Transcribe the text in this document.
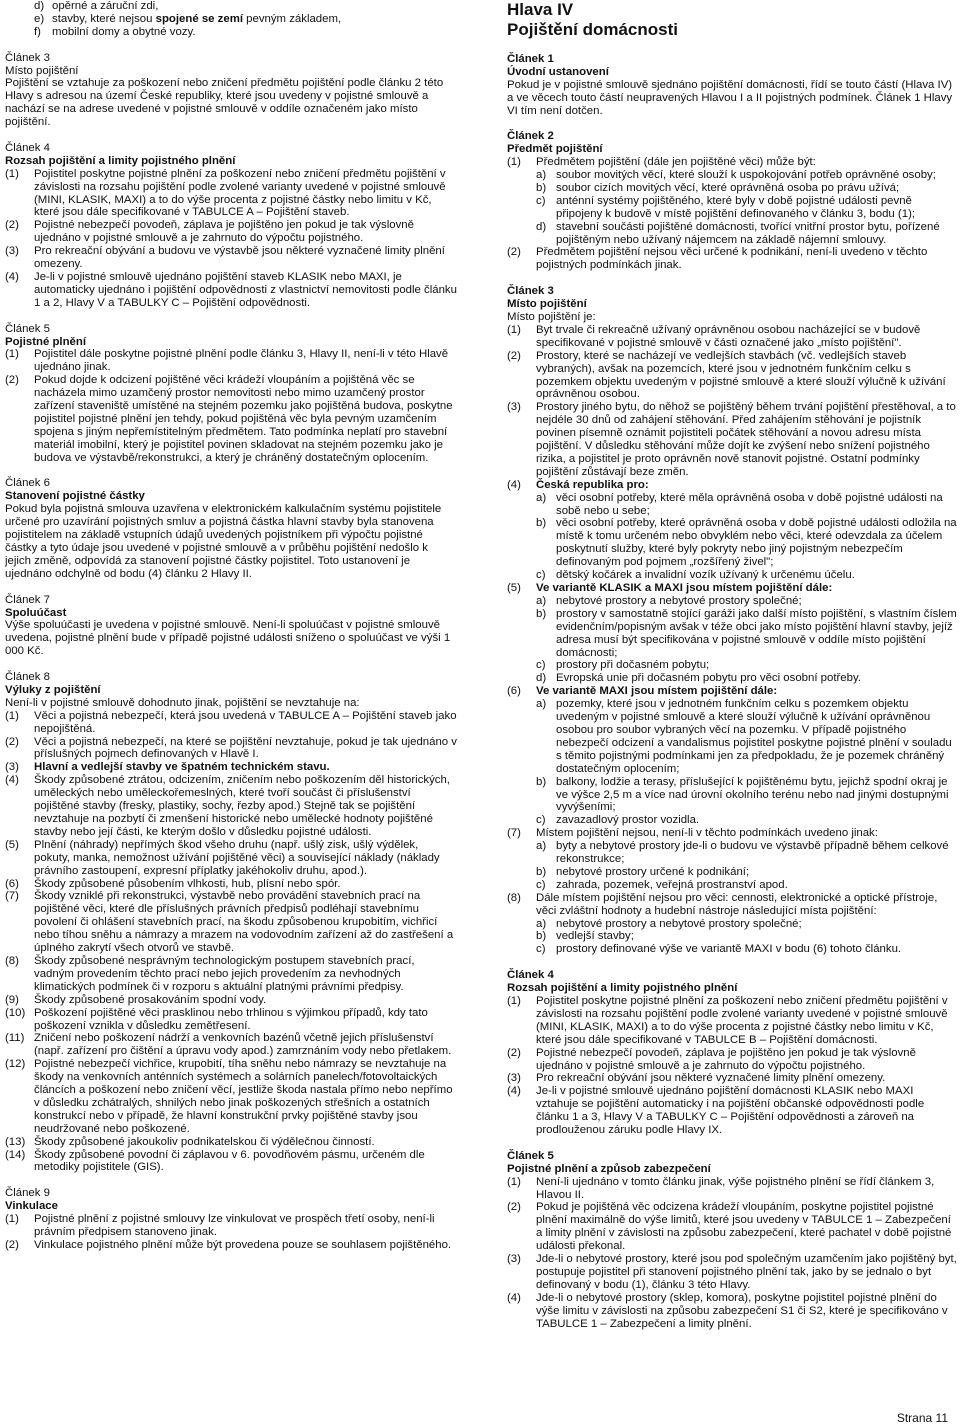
d) opěrné a záruční zdi,
e) stavby, které nejsou spojené se zemí pevným základem,
f) mobilní domy a obytné vozy.
Článek 3
Místo pojištění
Pojištění se vztahuje za poškození nebo zničení předmětu pojištění podle článku 2 této Hlavy s adresou na území České republiky, které jsou uvedeny v pojistné smlouvě a nachází se na adrese uvedené v pojistné smlouvě v oddíle označeném jako místo pojištění.
Článek 4
Rozsah pojištění a limity pojistného plnění
(1) Pojistitel poskytne pojistné plnění za poškození nebo zničení předmětu pojištění v závislosti na rozsahu pojištění podle zvolené varianty uvedené v pojistné smlouvě (MINI, KLASIK, MAXI) a to do výše procenta z pojistné částky nebo limitu v Kč, které jsou dále specifikované v TABULCE A – Pojištění staveb.
(2) Pojistné nebezpečí povodeň, záplava je pojištěno jen pokud je tak výslovně ujednáno v pojistné smlouvě a je zahrnuto do výpočtu pojistného.
(3) Pro rekreační obývání a budovu ve výstavbě jsou některé vyznačené limity plnění omezeny.
(4) Je-li v pojistné smlouvě ujednáno pojištění staveb KLASIK nebo MAXI, je automaticky ujednáno i pojištění odpovědnosti z vlastnictví nemovitosti podle článku 1 a 2, Hlavy V a TABULKY C – Pojištění odpovědnosti.
Článek 5
Pojistné plnění
(1) Pojistitel dále poskytne pojistné plnění podle článku 3, Hlavy II, není-li v této Hlavě ujednáno jinak.
(2) Pokud dojde k odcizení pojištěné věci krádeží vloupáním a pojištěná věc se nacházela mimo uzamčený prostor nemovitosti nebo mimo uzamčený prostor zařízení staveniště umístěné na stejném pozemku jako pojištěná budova, poskytne pojistitel pojistné plnění jen tehdy, pokud pojištěná věc byla pevným uzamčením spojena s jiným nepřemístitelným předmětem. Tato podmínka neplatí pro stavební materiál imobilní, který je pojistitel povinen skladovat na stejném pozemku jako je budova ve výstavbě/rekonstrukci, a který je chráněný dostatečným oplocením.
Článek 6
Stanovení pojistné částky
Pokud byla pojistná smlouva uzavřena v elektronickém kalkulačním systému pojistitele určené pro uzavírání pojistných smluv a pojistná částka hlavní stavby byla stanovena pojistitelem na základě vstupních údajů uvedených pojistníkem při výpočtu pojistné částky a tyto údaje jsou uvedené v pojistné smlouvě a v průběhu pojištění nedošlo k jejich změně, odpovídá za stanovení pojistné částky pojistitel. Toto ustanovení je ujednáno odchylně od bodu (4) článku 2 Hlavy II.
Článek 7
Spoluúčast
Výše spoluúčasti je uvedena v pojistné smlouvě. Není-li spoluúčast v pojistné smlouvě uvedena, pojistné plnění bude v případě pojistné události sníženo o spoluúčast ve výši 1 000 Kč.
Článek 8
Výluky z pojištění
Není-li v pojistné smlouvě dohodnuto jinak, pojištění se nevztahuje na:
(1) Věci a pojistná nebezpečí, která jsou uvedená v TABULCE A – Pojištění staveb jako nepojištěná.
(2) Věci a pojistná nebezpečí, na které se pojištění nevztahuje, pokud je tak ujednáno v příslušných pojmech definovaných v Hlavě I.
(3) Hlavní a vedlejší stavby ve špatném technickém stavu.
(4) Škody způsobené ztrátou, odcizením, zničením nebo poškozením děl historických, uměleckých nebo uměleckořemeslných, které tvoří součást či příslušenství pojištěné stavby (fresky, plastiky, sochy, řezby apod.) Stejně tak se pojištění nevztahuje na pozbytí či zmenšení historické nebo umělecké hodnoty pojištěné stavby nebo její části, ke kterým došlo v důsledku pojistné události.
(5) Plnění (náhrady) nepřímých škod všeho druhu (např. ušlý zisk, ušlý výdělek, pokuty, manka, nemožnost užívání pojištěné věci) a související náklady (náklady právního zastoupení, expresní příplatky jakéhokoliv druhu, apod.).
(6) Škody způsobené působením vlhkosti, hub, plísní nebo spór.
(7) Škody vzniklé při rekonstrukci, výstavbě nebo provádění stavebních prací na pojištěné věci, které dle příslušných právních předpisů podléhají stavebnímu povolení či ohlášení stavebních prací, na škodu způsobenou krupobitím, vichřicí nebo tíhou sněhu a námrazy a mrazem na vodovodním zařízení až do zastřešení a úplného zakrytí všech otvorů ve stavbě.
(8) Škody způsobené nesprávným technologickým postupem stavebních prací, vadným provedením těchto prací nebo jejich provedením za nevhodných klimatických podmínek či v rozporu s aktuální platnými právními předpisy.
(9) Škody způsobené prosakováním spodní vody.
(10) Poškození pojištěné věci prasklinou nebo trhlinou s výjimkou případů, kdy tato poškození vznikla v důsledku zemětřesení.
(11) Zničení nebo poškození nádrží a venkovních bazénů včetně jejich příslušenství (např. zařízení pro čištění a úpravu vody apod.) zamrznáním vody nebo přetlakem.
(12) Pojistné nebezpečí vichřice, krupobití, tíha sněhu nebo námrazy se nevztahuje na škody na venkovních anténních systémech a solárních panelech/fotovoltaických článcích a poškození nebo zničení věcí, jestliže škoda nastala přímo nebo nepřímo v důsledku zchátralých, shnilých nebo jinak poškozených střešních a ostatních konstrukcí nebo v případě, že hlavní konstrukční prvky pojištěné stavby jsou neudržované nebo poškozené.
(13) Škody způsobené jakoukoliv podnikatelskou či výdělečnou činností.
(14) Škody způsobené povodní či záplavou v 6. povodňovém pásmu, určeném dle metodiky pojistitele (GIS).
Článek 9
Vinkulace
(1) Pojistné plnění z pojistné smlouvy lze vinkulovat ve prospěch třetí osoby, není-li právním předpisem stanoveno jinak.
(2) Vinkulace pojistného plnění může být provedena pouze se souhlasem pojištěného.
Hlava IV
Pojištění domácnosti
Článek 1
Úvodní ustanovení
Pokud je v pojistné smlouvě sjednáno pojištění domácnosti, řídí se touto částí (Hlava IV) a ve věcech touto částí neupravených Hlavou I a II pojistných podmínek. Článek 1 Hlavy VI tím není dotčen.
Článek 2
Předmět pojištění
(1) Předmětem pojištění (dále jen pojištěné věci) může být:
a) soubor movitých věcí, které slouží k uspokojování potřeb oprávněné osoby;
b) soubor cizích movitých věcí, které oprávněná osoba po právu užívá;
c) anténní systémy pojištěného, které byly v době pojistné události pevně připojeny k budově v místě pojištění definovaného v článku 3, bodu (1);
d) stavební součásti pojištěné domácnosti, tvořící vnitřní prostor bytu, pořízené pojištěným nebo užívaný nájemcem na základě nájemní smlouvy.
(2) Předmětem pojištění nejsou věci určené k podnikání, není-li uvedeno v těchto pojistných podmínkách jinak.
Článek 3
Místo pojištění
Místo pojištění je:
(1) Byt trvale či rekreačně užívaný oprávněnou osobou nacházející se v budově specifikované v pojistné smlouvě v části označené jako „místo pojištění".
(2) Prostory, které se nacházejí ve vedlejších stavbách (vč. vedlejších staveb vybraných), avšak na pozemcích, které jsou v jednotném funkčním celku s pozemkem objektu uvedeným v pojistné smlouvě a které slouží výlučně k užívání oprávněnou osobou.
(3) Prostory jiného bytu, do něhož se pojištěný během trvání pojištění přestěhoval, a to nejdéle 30 dnů od zahájení stěhování. Před zahájením stěhování je pojistník povinen písemně oznámit pojistiteli počátek stěhování a novou adresu místa pojištění. V důsledku stěhování může dojít ke zvýšení nebo snížení pojistného rizika, a pojistitel je proto oprávněn nově stanovit pojistné. Ostatní podmínky pojištění zůstávají beze změn.
(4) Česká republika pro:
a) věci osobní potřeby, které měla oprávněná osoba v době pojistné události na sobě nebo u sebe;
b) věci osobní potřeby, které oprávněná osoba v době pojistné události odložila na místě k tomu určeném nebo obvyklém nebo věci, které odevzdala za účelem poskytnutí služby, které byly pokryty nebo jiný pojistným nebezpečím definovaným pod pojmem „rozšířený živel";
c) dětský kočárek a invalidní vozík užívaný k určenému účelu.
(5) Ve variantě KLASIK a MAXI jsou místem pojištění dále:
a) nebytové prostory a nebytové prostory společné;
b) prostory v samostatně stojící garáži jako další místo pojištění, s vlastním číslem evidenčním/popisným avšak v téže obci jako místo pojištění hlavní stavby, jejíž adresa musí být specifikována v pojistné smlouvě v oddíle místo pojištění domácnosti;
c) prostory při dočasném pobytu;
d) Evropská unie při dočasném pobytu pro věci osobní potřeby.
(6) Ve variantě MAXI jsou místem pojištění dále:
a) pozemky, které jsou v jednotném funkčním celku s pozemkem objektu uvedeným v pojistné smlouvě a které slouží výlučně k užívání oprávněnou osobou pro soubor vybraných věcí na pozemku. V případě pojistného nebezpečí odcizení a vandalismus pojistitel poskytne pojistné plnění v souladu s těmito pojistnými podmínkami jen za předpokladu, že je pozemek chráněný dostatečným oplocením;
b) balkony, lodžie a terasy, příslušející k pojištěnému bytu, jejichž spodní okraj je ve výšce 2,5 m a více nad úrovní okolního terénu nebo nad jinými dostupnými vyvýšeními;
c) zavazadlový prostor vozidla.
(7) Místem pojištění nejsou, není-li v těchto podmínkách uvedeno jinak:
a) byty a nebytové prostory jde-li o budovu ve výstavbě případně během celkové rekonstrukce;
b) nebytové prostory určené k podnikání;
c) zahrada, pozemek, veřejná prostranství apod.
(8) Dále místem pojištění nejsou pro věci: cennosti, elektronické a optické přístroje, věci zvláštní hodnoty a hudební nástroje následující místa pojištění:
a) nebytové prostory a nebytové prostory společné;
b) vedlejší stavby;
c) prostory definované výše ve variantě MAXI v bodu (6) tohoto článku.
Článek 4
Rozsah pojištění a limity pojistného plnění
(1) Pojistitel poskytne pojistné plnění za poškození nebo zničení předmětu pojištění v závislosti na rozsahu pojištění podle zvolené varianty uvedené v pojistné smlouvě (MINI, KLASIK, MAXI) a to do výše procenta z pojistné částky nebo limitu v Kč, které jsou dále specifikované v TABULCE B – Pojištění domácnosti.
(2) Pojistné nebezpečí povodeň, záplava je pojištěno jen pokud je tak výslovně ujednáno v pojistné smlouvě a je zahrnuto do výpočtu pojistného.
(3) Pro rekreační obývání jsou některé vyznačené limity plnění omezeny.
(4) Je-li v pojistné smlouvě ujednáno pojištění domácnosti KLASIK nebo MAXI vztahuje se pojištění automaticky i na pojištění občanské odpovědnosti podle článku 1 a 3, Hlavy V a TABULKY C – Pojištění odpovědnosti a zároveň na prodlouženou záruku podle Hlavy IX.
Článek 5
Pojistné plnění a způsob zabezpečení
(1) Není-li ujednáno v tomto článku jinak, výše pojistného plnění se řídí článkem 3, Hlavou II.
(2) Pokud je pojištěná věc odcizena krádeží vloupáním, poskytne pojistitel pojistné plnění maximálně do výše limitů, které jsou uvedeny v TABULCE 1 – Zabezpečení a limity plnění v závislosti na způsobu zabezpečení, které pachatel v době pojistné události překonal.
(3) Jde-li o nebytové prostory, které jsou pod společným uzamčením jako pojištěný byt, postupuje pojistitel při stanovení pojistného plnění tak, jako by se jednalo o byt definovaný v bodu (1), článku 3 této Hlavy.
(4) Jde-li o nebytové prostory (sklep, komora), poskytne pojistitel pojistné plnění do výše limitu v závislosti na způsobu zabezpečení S1 či S2, které je specifikováno v TABULCE 1 – Zabezpečení a limity plnění.
Strana 11
